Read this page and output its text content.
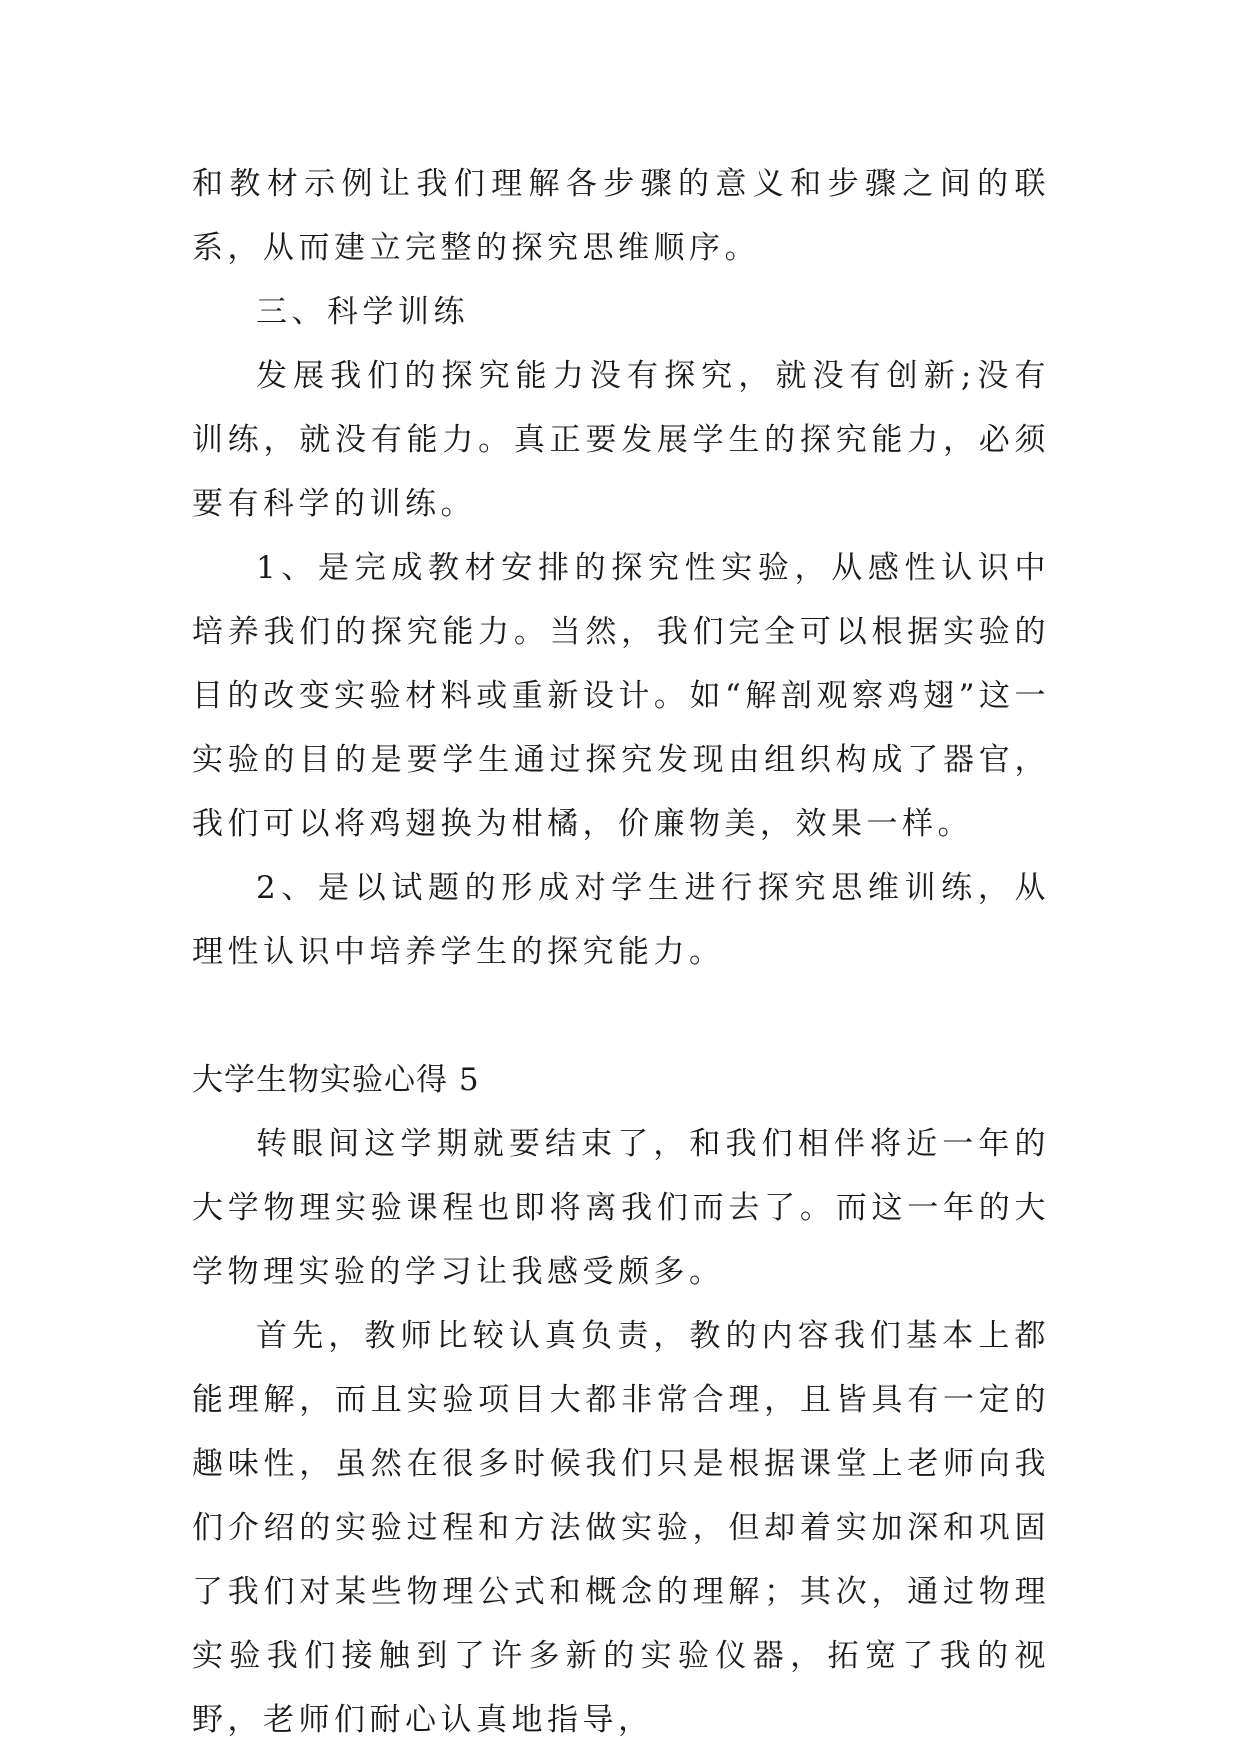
和教材示例让我们理解各步骤的意义和步骤之间的联系，从而建立完整的探究思维顺序。

三、科学训练

发展我们的探究能力没有探究，就没有创新;没有训练，就没有能力。真正要发展学生的探究能力，必须要有科学的训练。

1、是完成教材安排的探究性实验，从感性认识中培养我们的探究能力。当然，我们完全可以根据实验的目的改变实验材料或重新设计。如“解剖观察鸡翅”这一实验的目的是要学生通过探究发现由组织构成了器官，我们可以将鸡翅换为柑橘，价廉物美，效果一样。

2、是以试题的形成对学生进行探究思维训练，从理性认识中培养学生的探究能力。

大学生物实验心得 5

转眼间这学期就要结束了，和我们相伴将近一年的大学物理实验课程也即将离我们而去了。而这一年的大学物理实验的学习让我感受颇多。

首先，教师比较认真负责，教的内容我们基本上都能理解，而且实验项目大都非常合理，且皆具有一定的趣味性，虽然在很多时候我们只是根据课堂上老师向我们介绍的实验过程和方法做实验，但却着实加深和巩固了我们对某些物理公式和概念的理解；其次，通过物理实验我们接触到了许多新的实验仪器，拓宽了我的视野，老师们耐心认真地指导，
